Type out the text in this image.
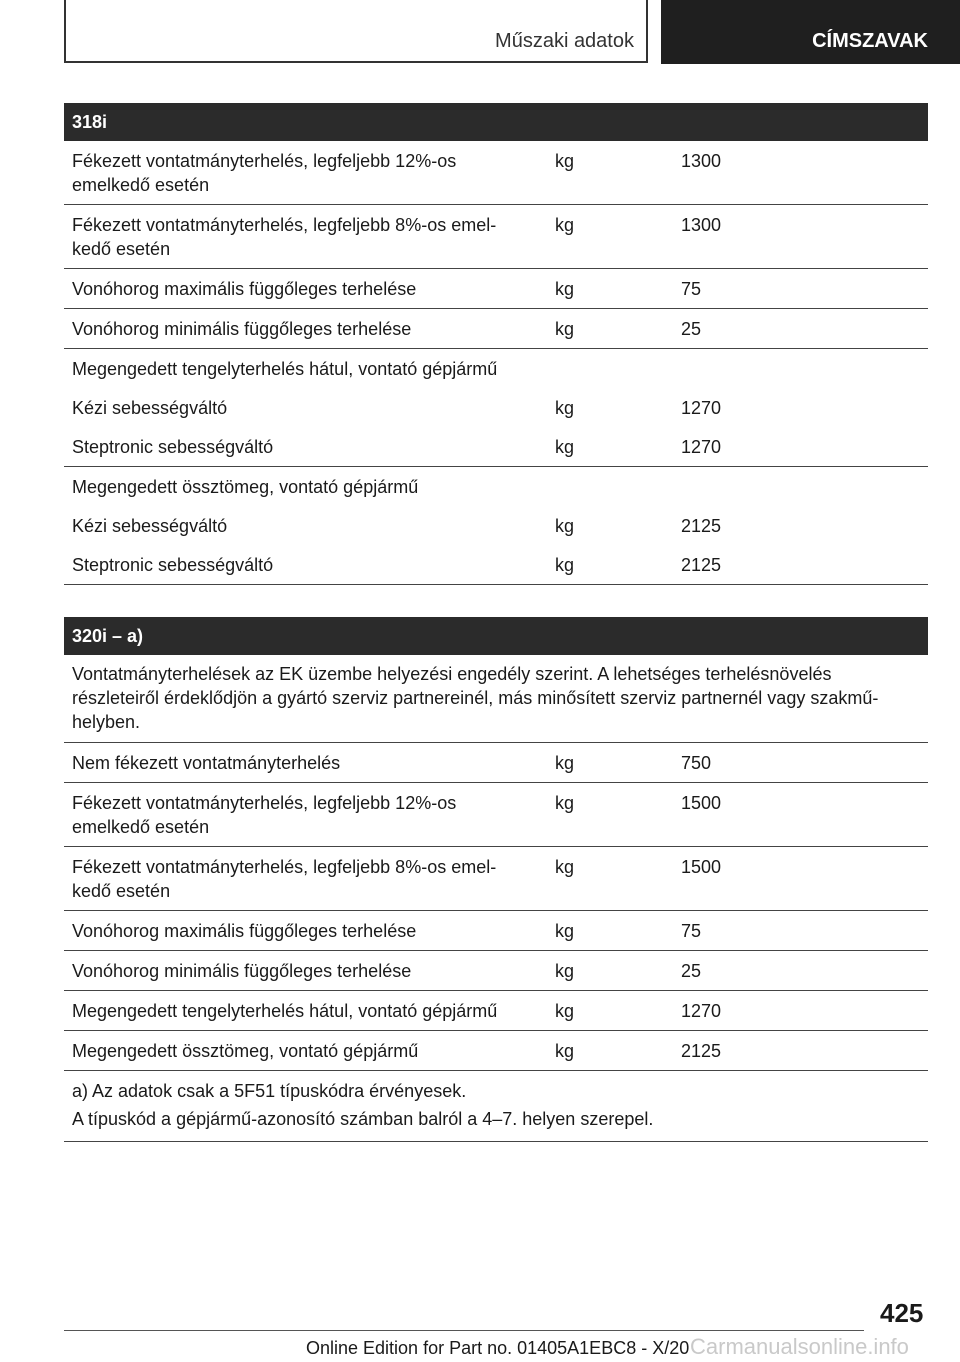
Műszaki adatok	CÍMSZAVAK
318i
Fékezett vontatmányterhelés, legfeljebb 12%-os
emelkedő esetén
kg	1300
Fékezett vontatmányterhelés, legfeljebb 8%-os emel-
kedő esetén
kg	1300
Vonóhorog maximális függőleges terhelése	kg	75
Vonóhorog minimális függőleges terhelése	kg	25
Megengedett tengelyterhelés hátul, vontató gépjármű
Kézi sebességváltó	kg	1270
Steptronic sebességváltó	kg	1270
Megengedett össztömeg, vontató gépjármű
Kézi sebességváltó	kg	2125
Steptronic sebességváltó	kg	2125
320i – a)
Vontatmányterhelések az EK üzembe helyezési engedély szerint. A lehetséges terhelésnövelés részleteiről érdeklődjön a gyártó szerviz partnereinél, más minősített szerviz partnernél vagy szakmű-
helyben.
Nem fékezett vontatmányterhelés	kg	750
Fékezett vontatmányterhelés, legfeljebb 12%-os
emelkedő esetén
kg	1500
Fékezett vontatmányterhelés, legfeljebb 8%-os emel-
kedő esetén
kg	1500
Vonóhorog maximális függőleges terhelése	kg	75
Vonóhorog minimális függőleges terhelése	kg	25
Megengedett tengelyterhelés hátul, vontató gépjármű	kg	1270
Megengedett össztömeg, vontató gépjármű	kg	2125

a) Az adatok csak a 5F51 típuskódra érvényesek.

A típuskód a gépjármű-azonosító számban balról a 4–7. helyen szerepel.

425
Online Edition for Part no. 01405A1EBC8 - X/20 Carmanualsonline.info
